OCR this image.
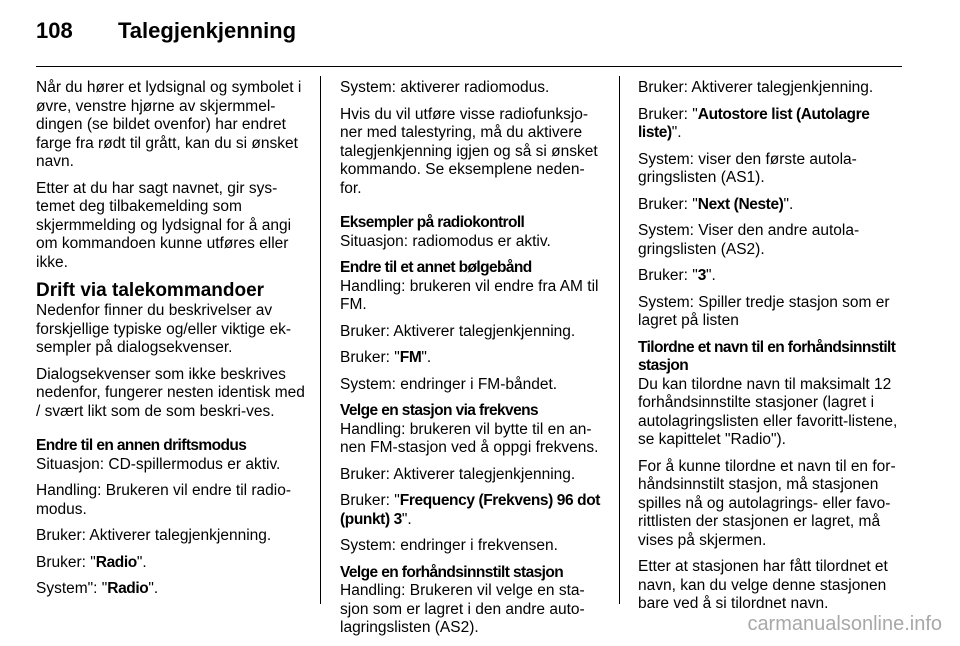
108 Talegjenkjenning

Når du hører et lydsignal og symbolet i øvre, venstre hjørne av skjermmel-dingen (se bildet ovenfor) har endret farge fra rødt til grått, kan du si ønsket navn.

Etter at du har sagt navnet, gir sys-temet deg tilbakemelding som skjermmelding og lydsignal for å angi om kommandoen kunne utføres eller ikke.

Drift via talekommandoer

Nedenfor finner du beskrivelser av forskjellige typiske og/eller viktige ek-sempler på dialogsekvenser.

Dialogsekvenser som ikke beskrives nedenfor, fungerer nesten identisk med / svært likt som de som beskri-ves.

Endre til en annen driftsmodus

Situasjon: CD-spillermodus er aktiv.

Handling: Brukeren vil endre til radio-modus.

Bruker: Aktiverer talegjenkjenning.

Bruker: "Radio".

System": "Radio".

System: aktiverer radiomodus.

Hvis du vil utføre visse radiofunksjo-ner med talestyring, må du aktivere talegjenkjenning igjen og så si ønsket kommando. Se eksemplene neden-for.

Eksempler på radiokontroll

Situasjon: radiomodus er aktiv.

Endre til et annet bølgebånd

Handling: brukeren vil endre fra AM til FM.

Bruker: Aktiverer talegjenkjenning.

Bruker: "FM".

System: endringer i FM-båndet.

Velge en stasjon via frekvens

Handling: brukeren vil bytte til en an-nen FM-stasjon ved å oppgi frekvens.

Bruker: Aktiverer talegjenkjenning.

Bruker: "Frequency (Frekvens) 96 dot (punkt) 3".

System: endringer i frekvensen.

Velge en forhåndsinnstilt stasjon

Handling: Brukeren vil velge en sta-sjon som er lagret i den andre auto-lagringslisten (AS2).

Bruker: Aktiverer talegjenkjenning.

Bruker: "Autostore list (Autolagre liste)".

System: viser den første autola-gringslisten (AS1).

Bruker: "Next (Neste)".

System: Viser den andre autola-gringslisten (AS2).

Bruker: "3".

System: Spiller tredje stasjon som er lagret på listen

Tilordne et navn til en forhåndsinnstilt stasjon

Du kan tilordne navn til maksimalt 12 forhåndsinnstilte stasjoner (lagret i autolagringslisten eller favoritt-listene, se kapittelet "Radio").

For å kunne tilordne et navn til en for-håndsinnstilt stasjon, må stasjonen spilles nå og autolagrings- eller favo-rittlisten der stasjonen er lagret, må vises på skjermen.

Etter at stasjonen har fått tilordnet et navn, kan du velge denne stasjonen bare ved å si tilordnet navn.

carmanualsonline.info
